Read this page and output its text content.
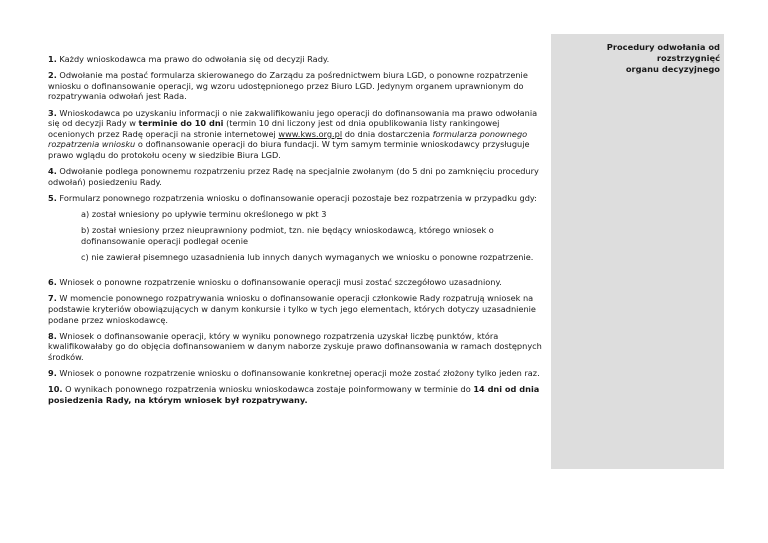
1. Każdy wnioskodawca ma prawo do odwołania się od decyzji Rady.

2. Odwołanie ma postać formularza skierowanego do Zarządu za pośrednictwem biura LGD, o ponowne rozpatrzenie wniosku o dofinansowanie operacji, wg wzoru udostępnionego przez Biuro LGD. Jedynym organem uprawnionym do rozpatrywania odwołań jest Rada.

3. Wnioskodawca po uzyskaniu informacji o nie zakwalifikowaniu jego operacji do dofinansowania ma prawo odwołania się od decyzji Rady w terminie do 10 dni (termin 10 dni liczony jest od dnia opublikowania listy rankingowej ocenionych przez Radę operacji na stronie internetowej www.kws.org.pl do dnia dostarczenia formularza ponownego rozpatrzenia wniosku o dofinansowanie operacji do biura fundacji. W tym samym terminie wnioskodawcy przysługuje prawo wglądu do protokołu oceny w siedzibie Biura LGD.

4. Odwołanie podlega ponownemu rozpatrzeniu przez Radę na specjalnie zwołanym (do 5 dni po zamknięciu procedury odwołań) posiedzeniu Rady.

5. Formularz ponownego rozpatrzenia wniosku o dofinansowanie operacji pozostaje bez rozpatrzenia w przypadku gdy:

a) został wniesiony po upływie terminu określonego w pkt 3

b) został wniesiony przez nieuprawniony podmiot, tzn. nie będący wnioskodawcą, którego wniosek o dofinansowanie operacji podlegał ocenie

c) nie zawierał pisemnego uzasadnienia lub innych danych wymaganych we wniosku o ponowne rozpatrzenie.

6. Wniosek o ponowne rozpatrzenie wniosku o dofinansowanie operacji musi zostać szczegółowo uzasadniony.

7. W momencie ponownego rozpatrywania wniosku o dofinansowanie operacji członkowie Rady rozpatrują wniosek na podstawie kryteriów obowiązujących w danym konkursie i tylko w tych jego elementach, których dotyczy uzasadnienie podane przez wnioskodawcę.

8. Wniosek o dofinansowanie operacji, który w wyniku ponownego rozpatrzenia uzyskał liczbę punktów, która kwalifikowałaby go do objęcia dofinansowaniem w danym naborze zyskuje prawo dofinansowania w ramach dostępnych środków.

9. Wniosek o ponowne rozpatrzenie wniosku o dofinansowanie konkretnej operacji może zostać złożony tylko jeden raz.

10. O wynikach ponownego rozpatrzenia wniosku wnioskodawca zostaje poinformowany w terminie do 14 dni od dnia posiedzenia Rady, na którym wniosek był rozpatrywany.

Procedury odwołania od rozstrzygnięć
organu decyzyjnego
